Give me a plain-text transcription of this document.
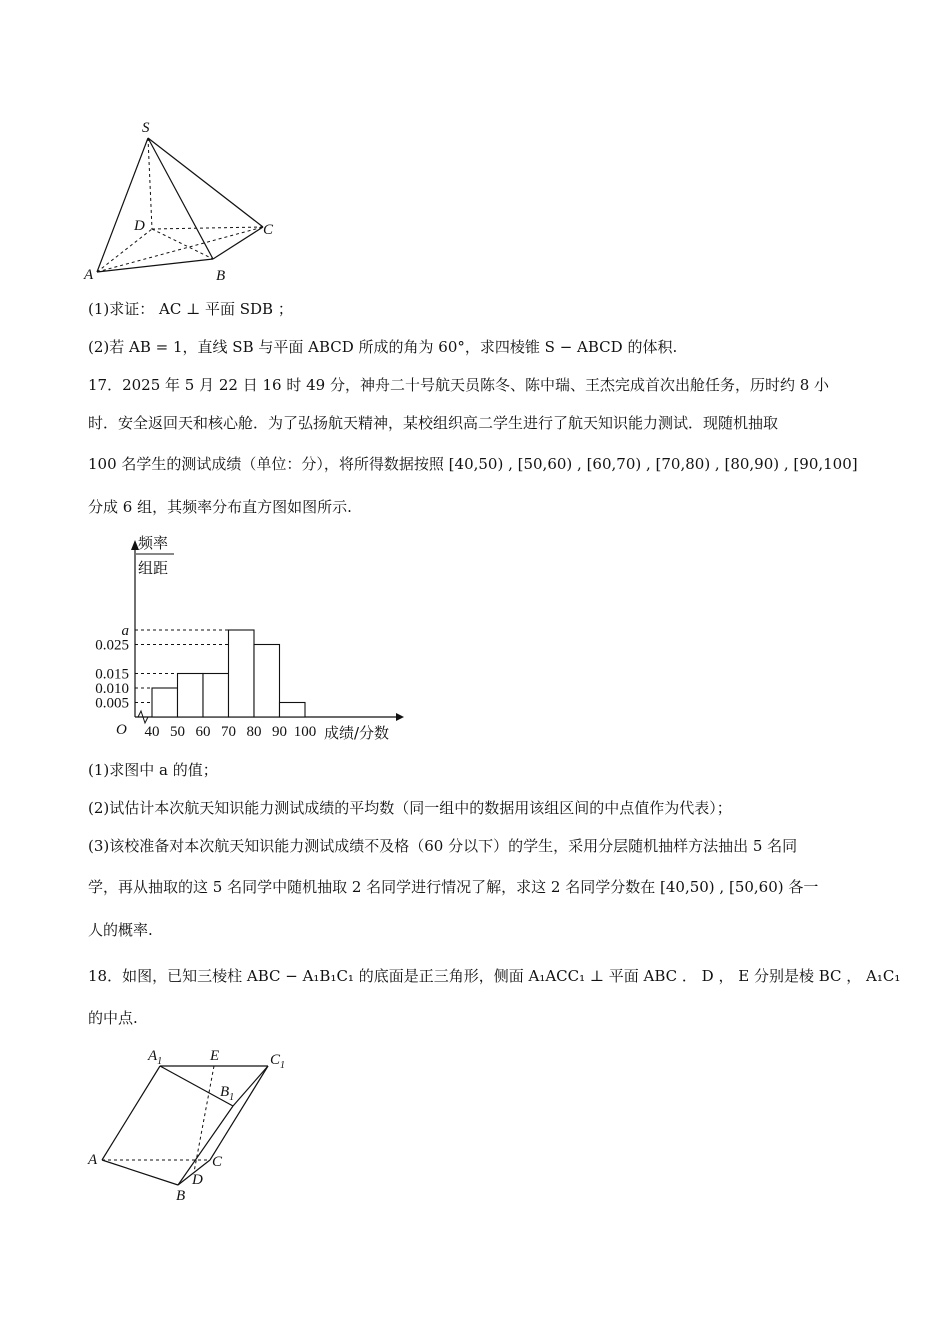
S
D	C
A	B
(1)求证： AC ⊥ 平面 SDB ；
(2)若 AB = 1，直线 SB 与平面 ABCD 所成的角为 60°，求四棱锥 S − ABCD 的体积.
17．2025 年 5 月 22 日 16 时 49 分，神舟二十号航天员陈冬、陈中瑞、王杰完成首次出舱任务，历时约 8 小
时．安全返回天和核心舱．为了弘扬航天精神，某校组织高二学生进行了航天知识能力测试．现随机抽取
100 名学生的测试成绩（单位：分），将所得数据按照 [40,50) , [50,60) , [60,70) , [70,80) , [80,90) , [90,100]
分成 6 组，其频率分布直方图如图所示.
频率
组距
a
0.025
0.015
0.010
0.005
40 50 60 70 80 90 100
O	成绩/分数
(1)求图中 a 的值；
(2)试估计本次航天知识能力测试成绩的平均数（同一组中的数据用该组区间的中点值作为代表）；
(3)该校准备对本次航天知识能力测试成绩不及格（60 分以下）的学生，采用分层随机抽样方法抽出 5 名同
学，再从抽取的这 5 名同学中随机抽取 2 名同学进行情况了解，求这 2 名同学分数在 [40,50) , [50,60) 各一
人的概率.
18．如图，已知三棱柱 ABC − A₁B₁C₁ 的底面是正三角形，侧面 A₁ACC₁ ⊥ 平面 ABC ． D ， E 分别是棱 BC ， A₁C₁
的中点.
$A_1$	E	$C_1$
$B_1$
A	C
D
B
